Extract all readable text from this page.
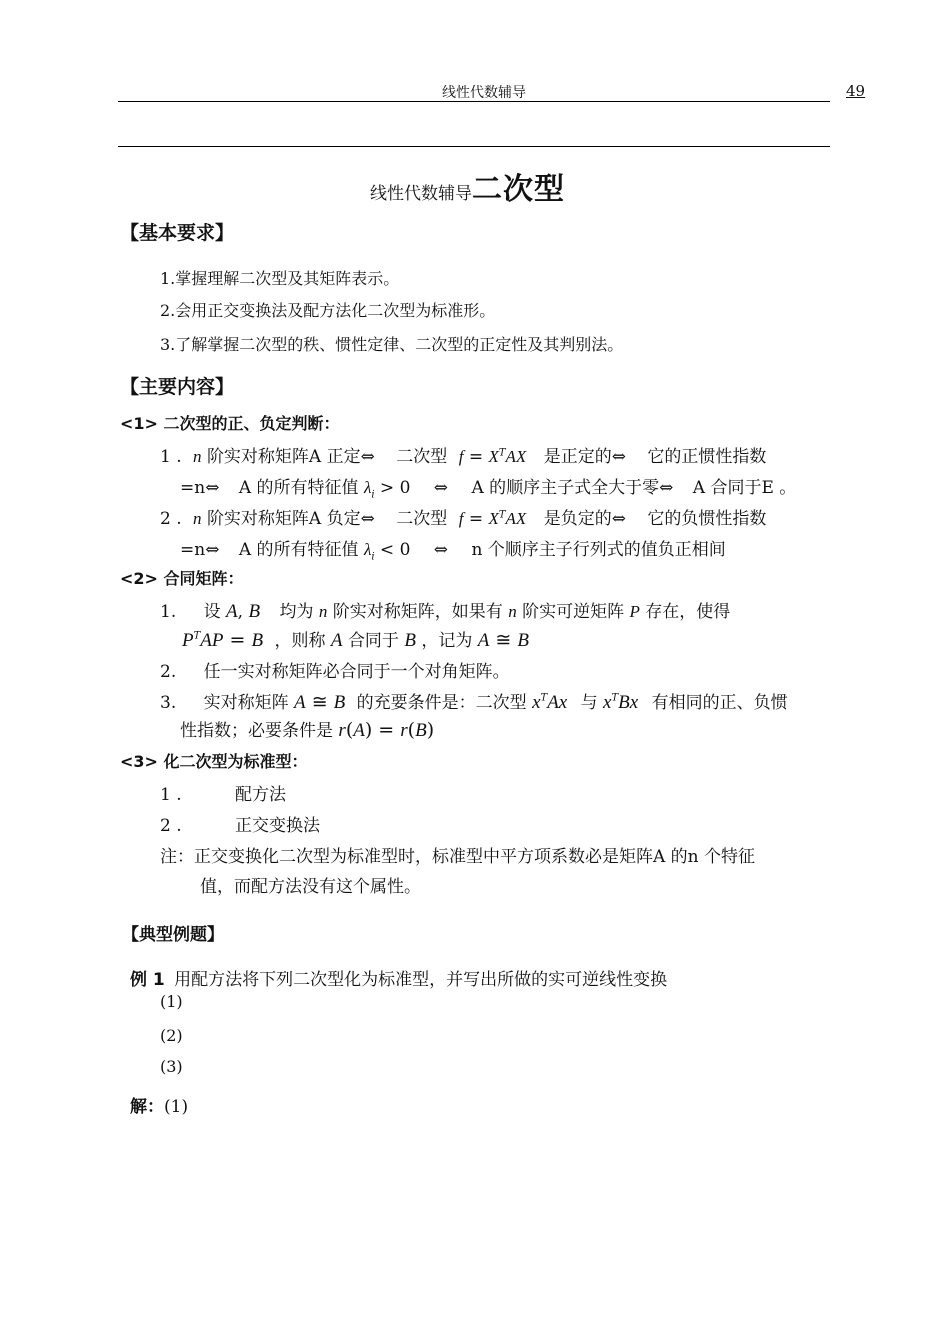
线性代数辅导	49
线性代数辅导二次型
【基本要求】
1.掌握理解二次型及其矩阵表示。
2.会用正交变换法及配方法化二次型为标准形。
3.了解掌握二次型的秩、惯性定律、二次型的正定性及其判别法。
【主要内容】
<1> 二次型的正、负定判断：
1 . n 阶实对称矩阵A 正定⇔ 二次型 $f = X^TAX$ 是正定的⇔ 它的正惯性指数
=n⇔ A 的所有特征值 $\lambda_i > 0$ ⇔ A 的顺序主子式全大于零⇔ A 合同于E 。
2 . n 阶实对称矩阵A 负定⇔ 二次型 $f = X^TAX$ 是负定的⇔ 它的负惯性指数
=n⇔ A 的所有特征值 $\lambda_i < 0$ ⇔ n 个顺序主子行列式的值负正相间
<2> 合同矩阵：
1. 设 A, B 均为 n 阶实对称矩阵，如果有 n 阶实可逆矩阵 P 存在，使得
$P^TAP = B$ ，则称 A 合同于 B ，记为 A ≅ B
2. 任一实对称矩阵必合同于一个对角矩阵。
3. 实对称矩阵 A ≅ B 的充要条件是：二次型 $x^TAx$ 与 $x^TBx$ 有相同的正、负惯
性指数；必要条件是 r(A) = r(B)
<3> 化二次型为标准型：
1 .	配方法
2 .	正交变换法
注：正交变换化二次型为标准型时，标准型中平方项系数必是矩阵A 的n 个特征
值，而配方法没有这个属性。
【典型例题】
例 1 用配方法将下列二次型化为标准型，并写出所做的实可逆线性变换
(1)
(2)
(3)
解：(1)
